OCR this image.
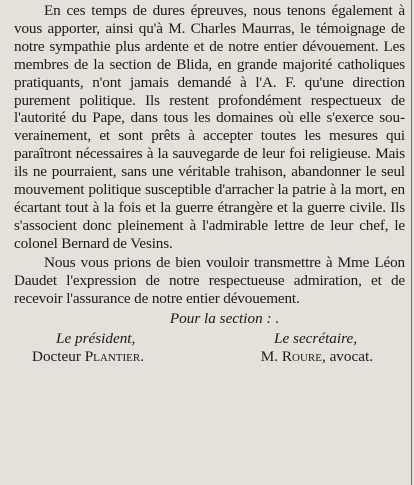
En ces temps de dures épreuves, nous tenons également à vous apporter, ainsi qu'à M. Charles Maurras, le témoignage de notre sympathie plus ardente et de notre entier dévouement. Les membres de la section de Blida, en grande majorité catholiques pratiquants, n'ont jamais demandé à l'A. F. qu'une direction purement politique. Ils restent profondément respectueux de l'autorité du Pape, dans tous les domaines où elle s'exerce souverainement, et sont prêts à accepter toutes les mesures qui paraîtront nécessaires à la sauvegarde de leur foi religieuse. Mais ils ne pourraient, sans une véritable trahison, abandonner le seul mouvement politique susceptible d'arracher la patrie à la mort, en écartant tout à la fois et la guerre étrangère et la guerre civile. Ils s'associent donc pleinement à l'admirable lettre de leur chef, le colonel Bernard de Vesins.

Nous vous prions de bien vouloir transmettre à Mme Léon Daudet l'expression de notre respectueuse admiration, et de recevoir l'assurance de notre entier dévouement.

Pour la section : .
Le président,	Le secrétaire,
Docteur Plantier.	M. Roure, avocat.
